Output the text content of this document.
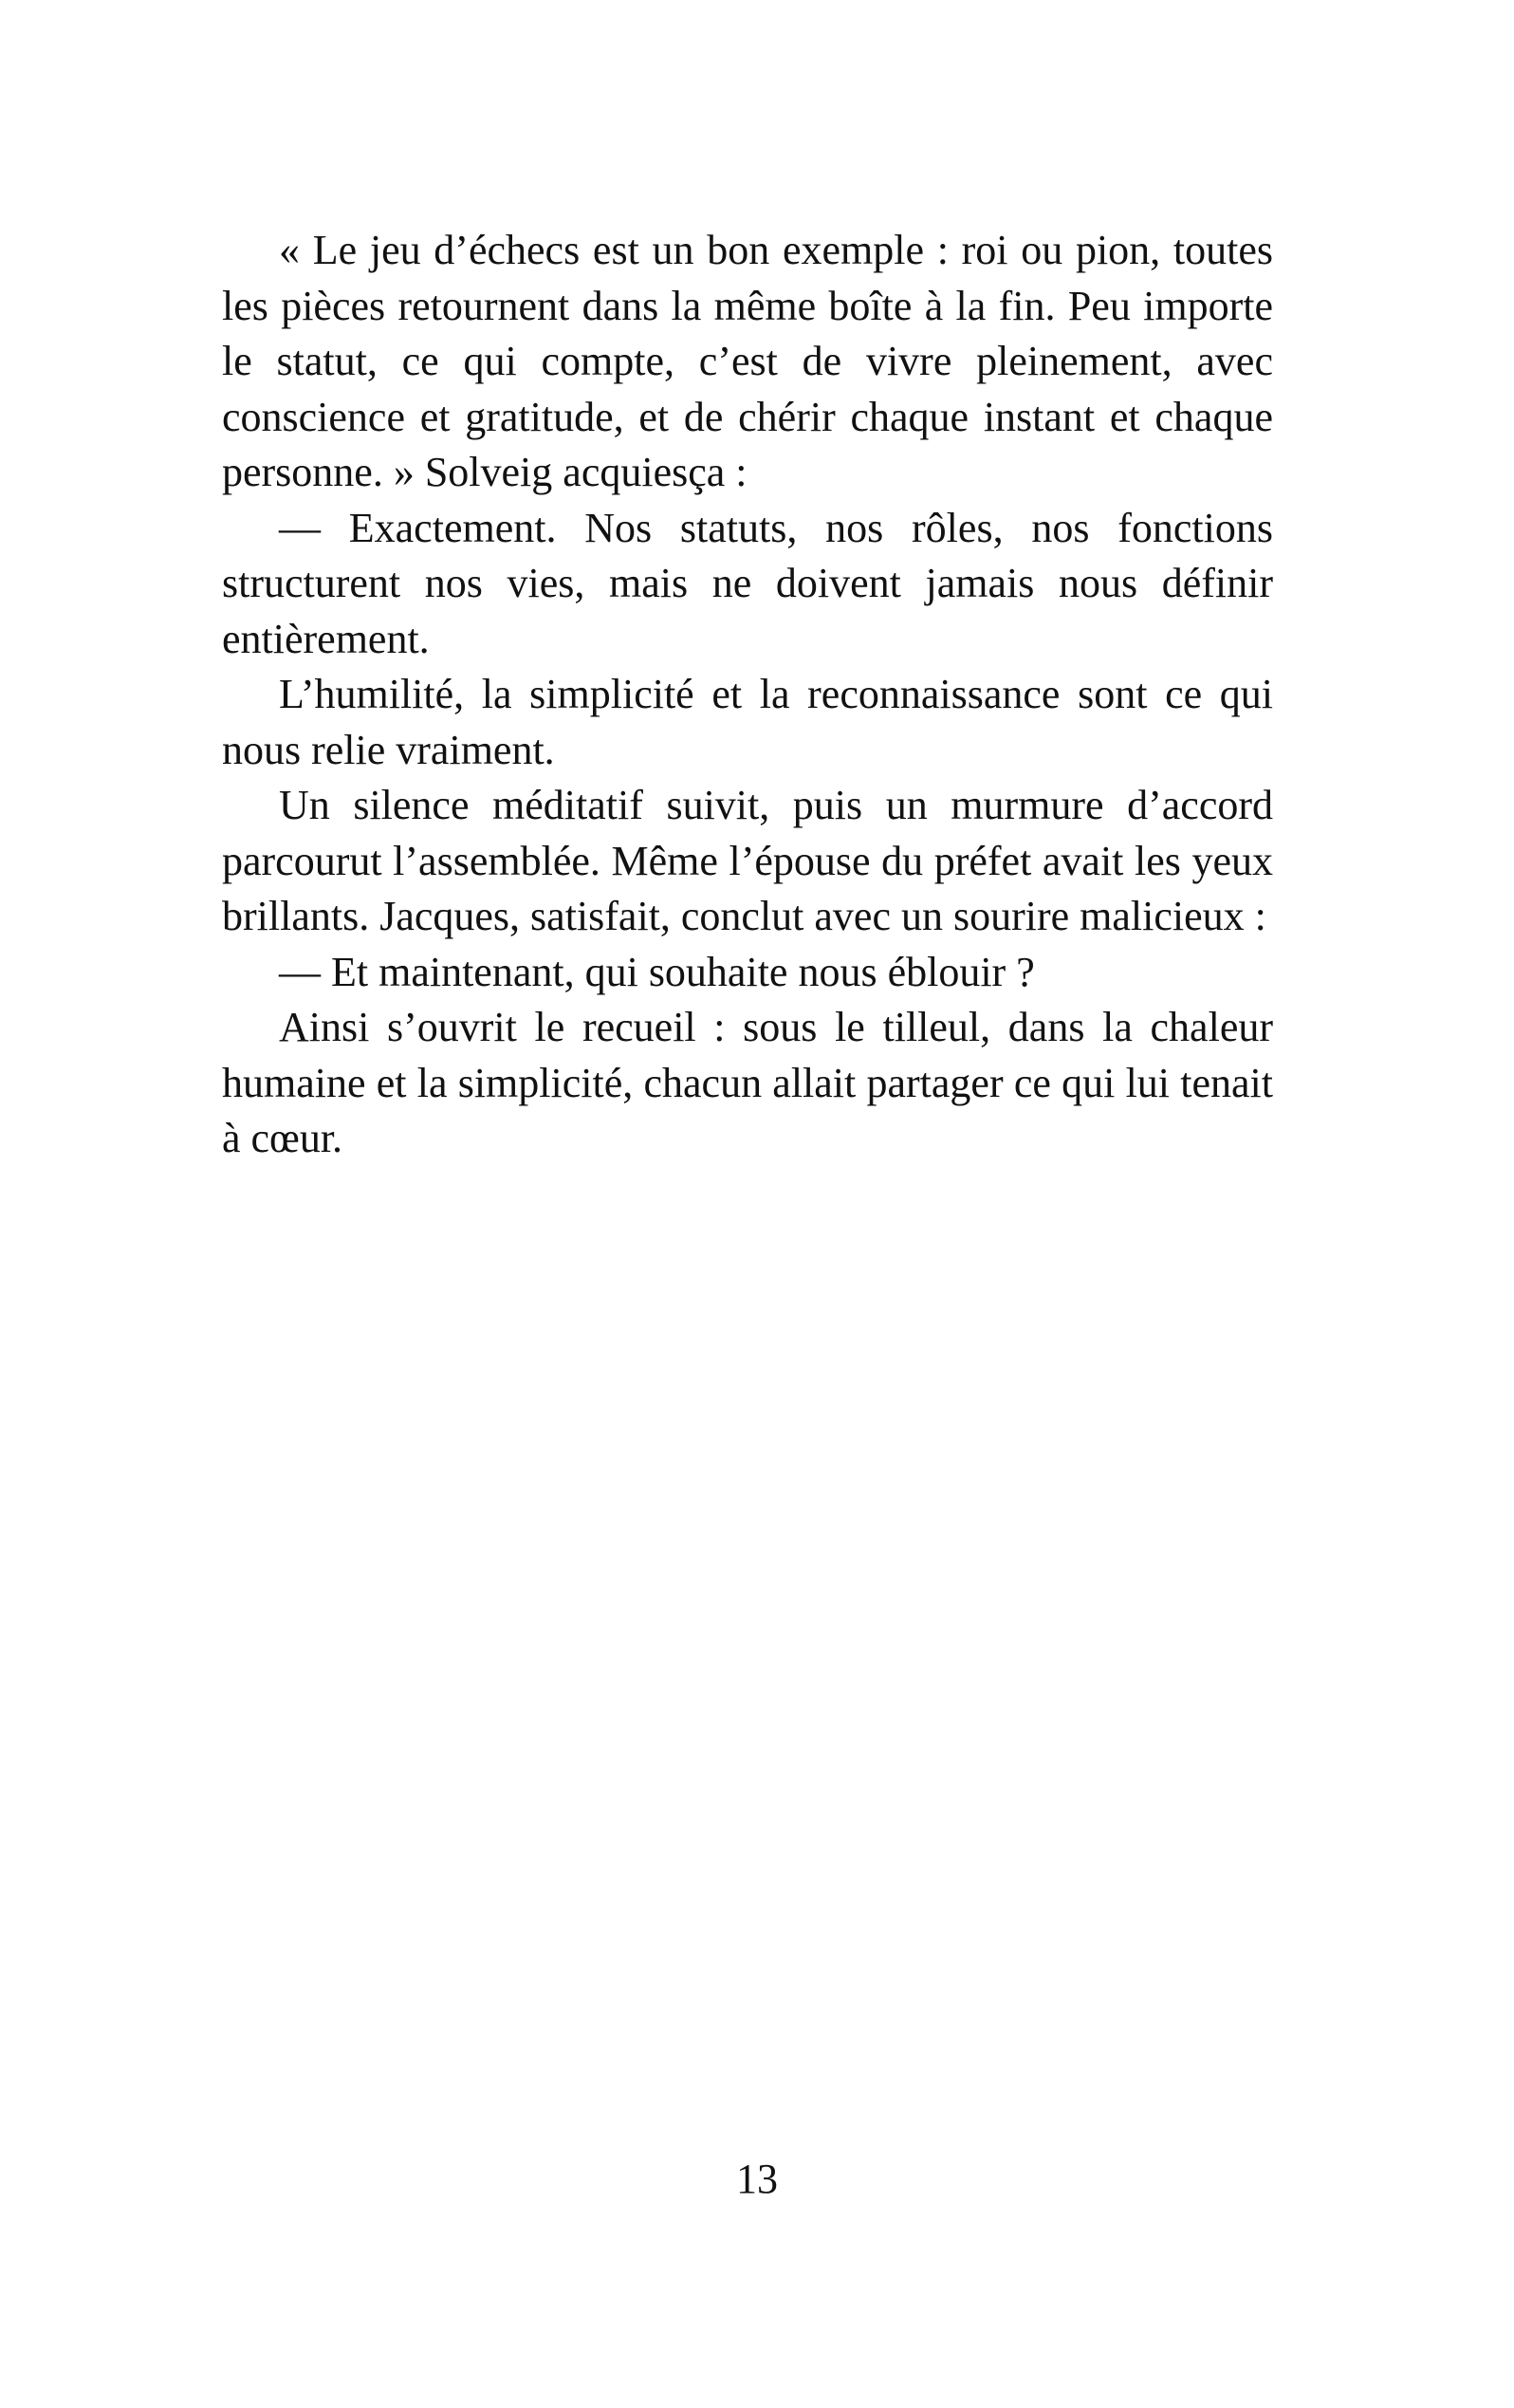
« Le jeu d’échecs est un bon exemple : roi ou pion, toutes les pièces retournent dans la même boîte à la fin. Peu importe le statut, ce qui compte, c’est de vivre pleinement, avec conscience et gratitude, et de chérir chaque instant et chaque personne. » Solveig acquiesça :

— Exactement. Nos statuts, nos rôles, nos fonctions structurent nos vies, mais ne doivent jamais nous définir entièrement.

L’humilité, la simplicité et la reconnaissance sont ce qui nous relie vraiment.

Un silence méditatif suivit, puis un murmure d’accord parcourut l’assemblée. Même l’épouse du préfet avait les yeux brillants. Jacques, satisfait, conclut avec un sourire malicieux :

— Et maintenant, qui souhaite nous éblouir ?

Ainsi s’ouvrit le recueil : sous le tilleul, dans la chaleur humaine et la simplicité, chacun allait partager ce qui lui tenait à cœur.

13
